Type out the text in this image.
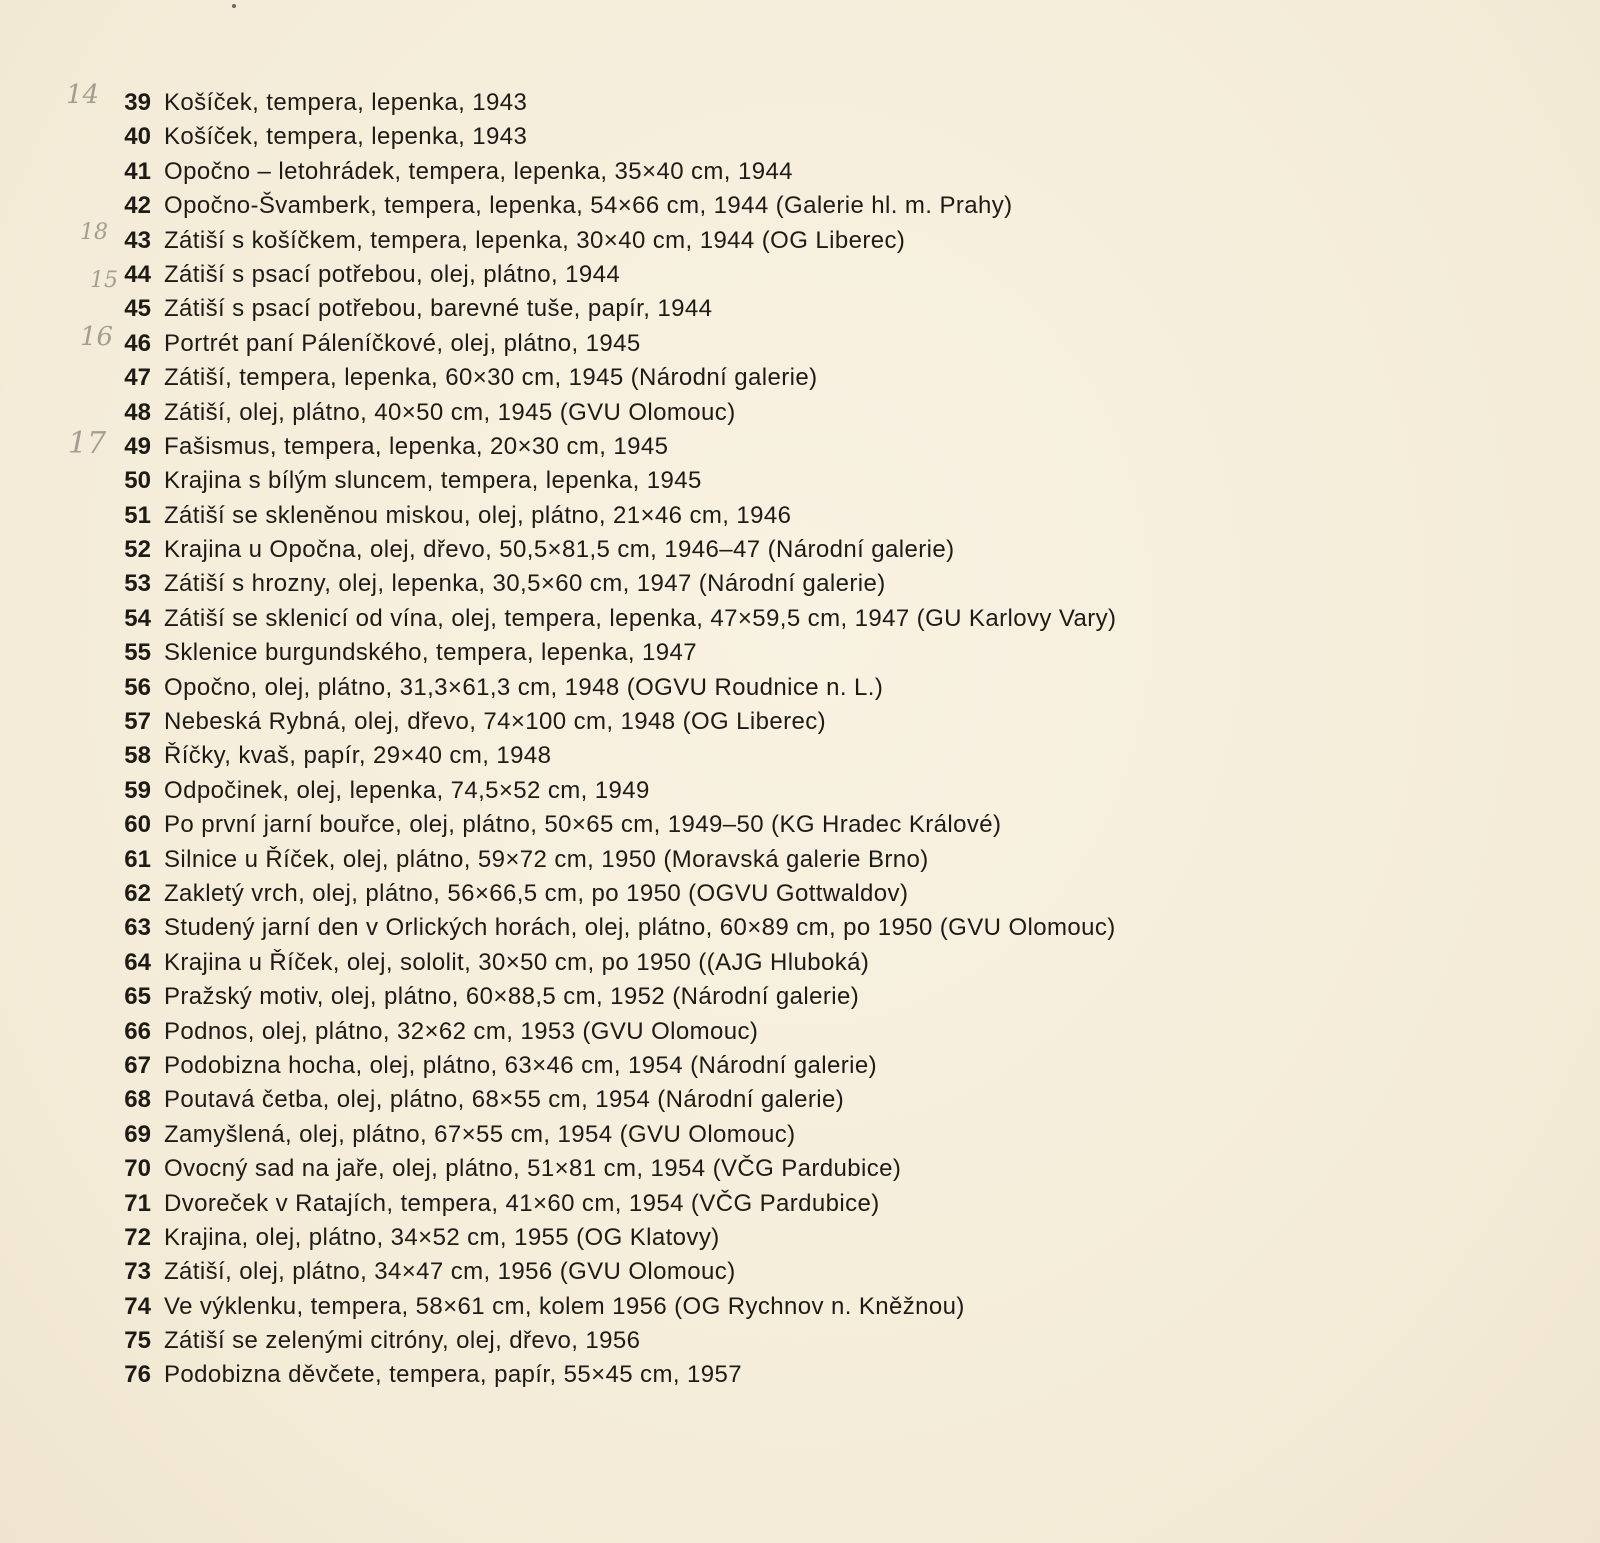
14
18
15
16
17
39 Košíček, tempera, lepenka, 1943
40 Košíček, tempera, lepenka, 1943
41 Opočno – letohrádek, tempera, lepenka, 35×40 cm, 1944
42 Opočno-Švamberk, tempera, lepenka, 54×66 cm, 1944 (Galerie hl. m. Prahy)
43 Zátiší s košíčkem, tempera, lepenka, 30×40 cm, 1944 (OG Liberec)
44 Zátiší s psací potřebou, olej, plátno, 1944
45 Zátiší s psací potřebou, barevné tuše, papír, 1944
46 Portrét paní Páleníčkové, olej, plátno, 1945
47 Zátiší, tempera, lepenka, 60×30 cm, 1945 (Národní galerie)
48 Zátiší, olej, plátno, 40×50 cm, 1945 (GVU Olomouc)
49 Fašismus, tempera, lepenka, 20×30 cm, 1945
50 Krajina s bílým sluncem, tempera, lepenka, 1945
51 Zátiší se skleněnou miskou, olej, plátno, 21×46 cm, 1946
52 Krajina u Opočna, olej, dřevo, 50,5×81,5 cm, 1946–47 (Národní galerie)
53 Zátiší s hrozny, olej, lepenka, 30,5×60 cm, 1947 (Národní galerie)
54 Zátiší se sklenicí od vína, olej, tempera, lepenka, 47×59,5 cm, 1947 (GU Karlovy Vary)
55 Sklenice burgundského, tempera, lepenka, 1947
56 Opočno, olej, plátno, 31,3×61,3 cm, 1948 (OGVU Roudnice n. L.)
57 Nebeská Rybná, olej, dřevo, 74×100 cm, 1948 (OG Liberec)
58 Říčky, kvaš, papír, 29×40 cm, 1948
59 Odpočinek, olej, lepenka, 74,5×52 cm, 1949
60 Po první jarní bouřce, olej, plátno, 50×65 cm, 1949–50 (KG Hradec Králové)
61 Silnice u Říček, olej, plátno, 59×72 cm, 1950 (Moravská galerie Brno)
62 Zakletý vrch, olej, plátno, 56×66,5 cm, po 1950 (OGVU Gottwaldov)
63 Studený jarní den v Orlických horách, olej, plátno, 60×89 cm, po 1950 (GVU Olomouc)
64 Krajina u Říček, olej, sololit, 30×50 cm, po 1950 ((AJG Hluboká)
65 Pražský motiv, olej, plátno, 60×88,5 cm, 1952 (Národní galerie)
66 Podnos, olej, plátno, 32×62 cm, 1953 (GVU Olomouc)
67 Podobizna hocha, olej, plátno, 63×46 cm, 1954 (Národní galerie)
68 Poutavá četba, olej, plátno, 68×55 cm, 1954 (Národní galerie)
69 Zamyšlená, olej, plátno, 67×55 cm, 1954 (GVU Olomouc)
70 Ovocný sad na jaře, olej, plátno, 51×81 cm, 1954 (VČG Pardubice)
71 Dvoreček v Ratajích, tempera, 41×60 cm, 1954 (VČG Pardubice)
72 Krajina, olej, plátno, 34×52 cm, 1955 (OG Klatovy)
73 Zátiší, olej, plátno, 34×47 cm, 1956 (GVU Olomouc)
74 Ve výklenku, tempera, 58×61 cm, kolem 1956 (OG Rychnov n. Kněžnou)
75 Zátiší se zelenými citróny, olej, dřevo, 1956
76 Podobizna děvčete, tempera, papír, 55×45 cm, 1957
